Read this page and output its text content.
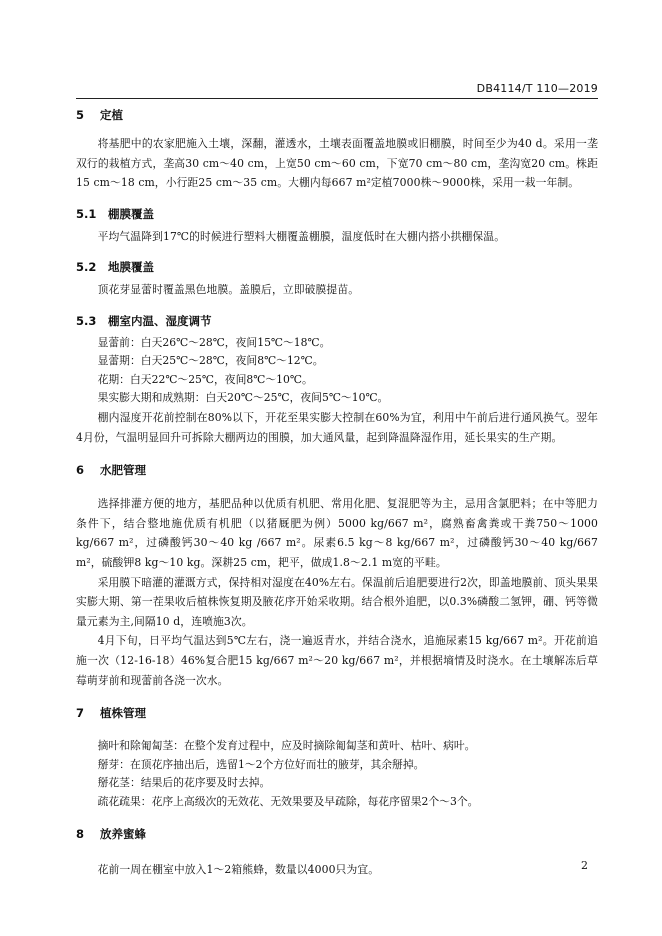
DB4114/T 110—2019
5	定植

将基肥中的农家肥施入土壤，深翻，灌透水，土壤表面覆盖地膜或旧棚膜，时间至少为40 d。采用一垄双行的栽植方式，垄高30 cm～40 cm，上宽50 cm～60 cm，下宽70 cm～80 cm，垄沟宽20 cm。株距15 cm～18 cm，小行距25 cm～35 cm。大棚内每667 m²定植7000株～9000株，采用一栽一年制。

5.1	棚膜覆盖

平均气温降到17℃的时候进行塑料大棚覆盖棚膜，温度低时在大棚内搭小拱棚保温。

5.2	地膜覆盖

顶花芽显蕾时覆盖黑色地膜。盖膜后，立即破膜提苗。

5.3	棚室内温、湿度调节

显蕾前：白天26℃～28℃，夜间15℃～18℃。

显蕾期：白天25℃～28℃，夜间8℃～12℃。

花期：白天22℃～25℃，夜间8℃～10℃。

果实膨大期和成熟期：白天20℃～25℃，夜间5℃～10℃。

棚内湿度开花前控制在80%以下，开花至果实膨大控制在60%为宜，利用中午前后进行通风换气。翌年4月份，气温明显回升可拆除大棚两边的围膜，加大通风量，起到降温降湿作用，延长果实的生产期。

6	水肥管理

选择排灌方便的地方，基肥品种以优质有机肥、常用化肥、复混肥等为主，忌用含氯肥料；在中等肥力条件下，结合整地施优质有机肥（以猪厩肥为例）5000 kg/667 m²，腐熟畜禽粪或干粪750～1000 kg/667 m²，过磷酸钙30～40 kg /667 m²。尿素6.5 kg～8 kg/667 m²，过磷酸钙30～40 kg/667 m²，硫酸钾8 kg～10 kg。深耕25 cm，耙平，做成1.8～2.1 m宽的平畦。

采用膜下暗灌的灌溉方式，保持相对湿度在40%左右。保温前后追肥要进行2次，即盖地膜前、顶头果果实膨大期、第一茬果收后植株恢复期及腋花序开始采收期。结合根外追肥，以0.3%磷酸二氢钾，硼、钙等微量元素为主,间隔10 d，连喷施3次。

4月下旬，日平均气温达到5℃左右，浇一遍返青水，并结合浇水，追施尿素15 kg/667 m²。开花前追施一次（12-16-18）46%复合肥15 kg/667 m²～20 kg/667 m²，并根据墒情及时浇水。在土壤解冻后草莓萌芽前和现蕾前各浇一次水。

7	植株管理

摘叶和除匍匐茎：在整个发育过程中，应及时摘除匍匐茎和黄叶、枯叶、病叶。

掰芽：在顶花序抽出后，选留1～2个方位好而壮的腋芽，其余掰掉。

掰花茎：结果后的花序要及时去掉。

疏花疏果：花序上高级次的无效花、无效果要及早疏除，每花序留果2个～3个。

8	放养蜜蜂

花前一周在棚室中放入1～2箱熊蜂，数量以4000只为宜。	2
